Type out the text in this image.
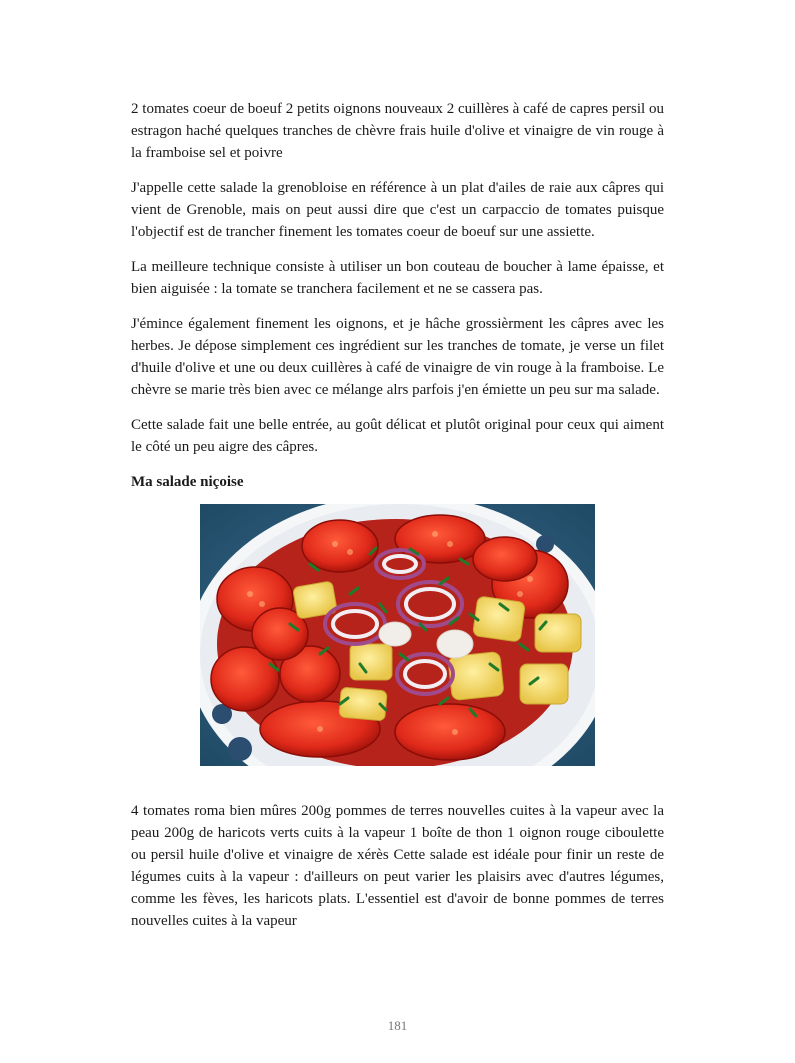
2 tomates coeur de boeuf 2 petits oignons nouveaux 2 cuillères à café de capres persil ou estragon haché quelques tranches de chèvre frais huile d'olive et vinaigre de vin rouge à la framboise sel et poivre

J'appelle cette salade la grenobloise en référence à un plat d'ailes de raie aux câpres qui vient de Grenoble, mais on peut aussi dire que c'est un carpaccio de tomates puisque l'objectif est de trancher finement les tomates coeur de boeuf sur une assiette.

La meilleure technique consiste à utiliser un bon couteau de boucher à lame épaisse, et bien aiguisée : la tomate se tranchera facilement et ne se cassera pas.

J'émince également finement les oignons, et je hâche grossièrment les câpres avec les herbes. Je dépose simplement ces ingrédient sur les tranches de tomate, je verse un filet d'huile d'olive et une ou deux cuillères à café de vinaigre de vin rouge à la framboise. Le chèvre se marie très bien avec ce mélange alrs parfois j'en émiette un peu sur ma salade.

Cette salade fait une belle entrée, au goût délicat et plutôt original pour ceux qui aiment le côté un peu aigre des câpres.

Ma salade niçoise

4 tomates roma bien mûres 200g pommes de terres nouvelles cuites à la vapeur avec la peau 200g de haricots verts cuits à la vapeur 1 boîte de thon 1 oignon rouge ciboulette ou persil huile d'olive et vinaigre de xérès Cette salade est idéale pour finir un reste de légumes cuits à la vapeur : d'ailleurs on peut varier les plaisirs avec d'autres légumes, comme les fèves, les haricots plats. L'essentiel est d'avoir de bonne pommes de terres nouvelles cuites à la vapeur

181
